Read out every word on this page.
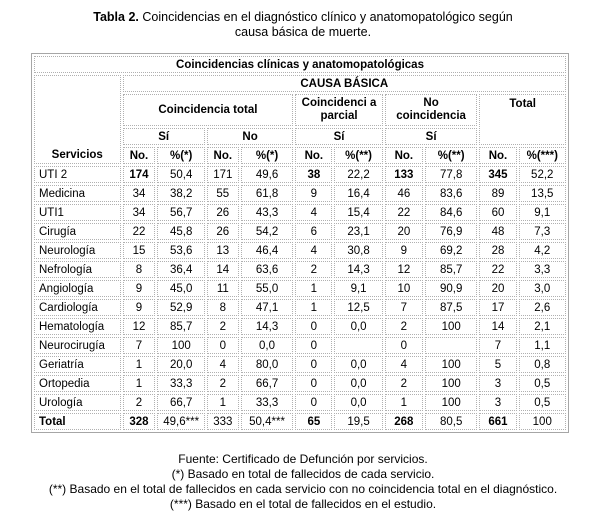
Tabla 2. Coincidencias en el diagnóstico clínico y anatomopatológico según
causa básica de muerte.
Coincidencias clínicas y anatomopatológicas										
Servicios	CAUSA BÁSICA									
	Coincidencia total				Coincidenci a parcial		No coincidencia		Total	
	Sí		No		Sí		Sí			
	No.	%(*)	No.	%(*)	No.	%(**)	No.	%(**)	No.	%(***)
UTI 2	174	50,4	171	49,6	38	22,2	133	77,8	345	52,2
Medicina	34	38,2	55	61,8	9	16,4	46	83,6	89	13,5
UTI1	34	56,7	26	43,3	4	15,4	22	84,6	60	9,1
Cirugía	22	45,8	26	54,2	6	23,1	20	76,9	48	7,3
Neurología	15	53,6	13	46,4	4	30,8	9	69,2	28	4,2
Nefrología	8	36,4	14	63,6	2	14,3	12	85,7	22	3,3
Angiología	9	45,0	11	55,0	1	9,1	10	90,9	20	3,0
Cardiología	9	52,9	8	47,1	1	12,5	7	87,5	17	2,6
Hematología	12	85,7	2	14,3	0	0,0	2	100	14	2,1
Neurocirugía	7	100	0	0,0	0		0		7	1,1
Geriatría	1	20,0	4	80,0	0	0,0	4	100	5	0,8
Ortopedia	1	33,3	2	66,7	0	0,0	2	100	3	0,5
Urología	2	66,7	1	33,3	0	0,0	1	100	3	0,5
Total	328	49,6***	333	50,4***	65	19,5	268	80,5	661	100
Fuente: Certificado de Defunción por servicios.
(*) Basado en total de fallecidos de cada servicio.
(**) Basado en el total de fallecidos en cada servicio con no coincidencia total en el diagnóstico.
(***) Basado en el total de fallecidos en el estudio.
